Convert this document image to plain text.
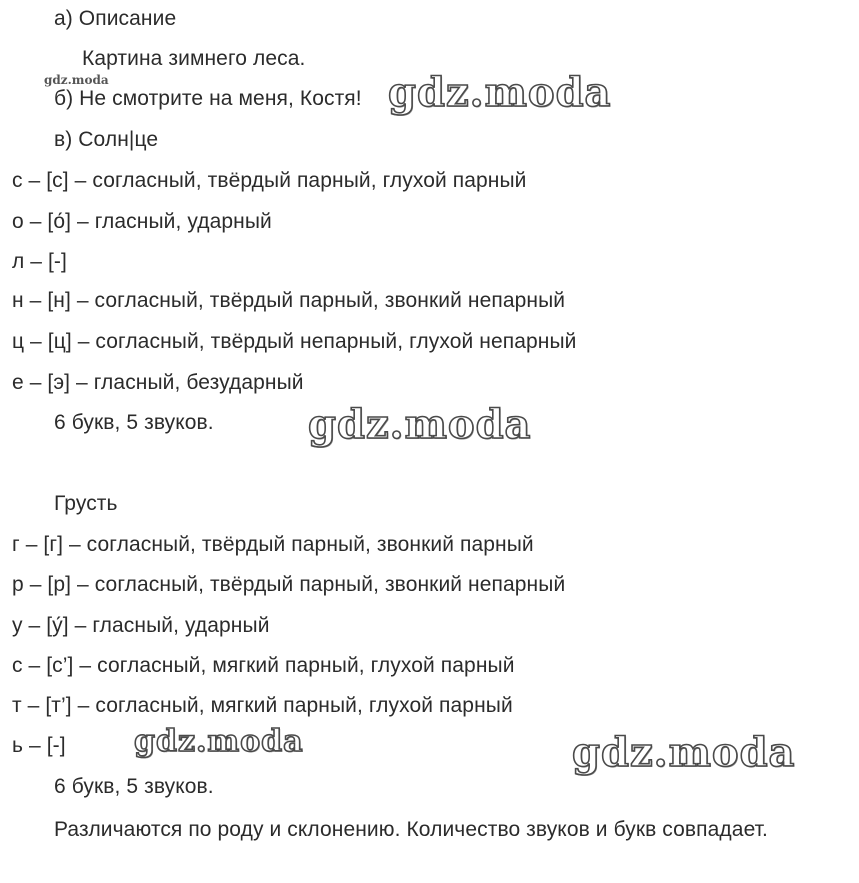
а) Описание
Картина зимнего леса.
б) Не смотрите на меня, Костя!
в) Солн|це
с – [с] – согласный, твёрдый парный, глухой парный
о – [о́] – гласный, ударный
л – [-]
н – [н] – согласный, твёрдый парный, звонкий непарный
ц – [ц] – согласный, твёрдый непарный, глухой непарный
е – [э] – гласный, безударный
6 букв, 5 звуков.
Грусть
г – [г] – согласный, твёрдый парный, звонкий парный
р – [р] – согласный, твёрдый парный, звонкий непарный
у – [у́] – гласный, ударный
с – [с’] – согласный, мягкий парный, глухой парный
т – [т’] – согласный, мягкий парный, глухой парный
ь – [-]
6 букв, 5 звуков.
Различаются по роду и склонению. Количество звуков и букв совпадает.
gdz.moda	gdz.moda
gdz.moda
gdz.moda	gdz.moda
